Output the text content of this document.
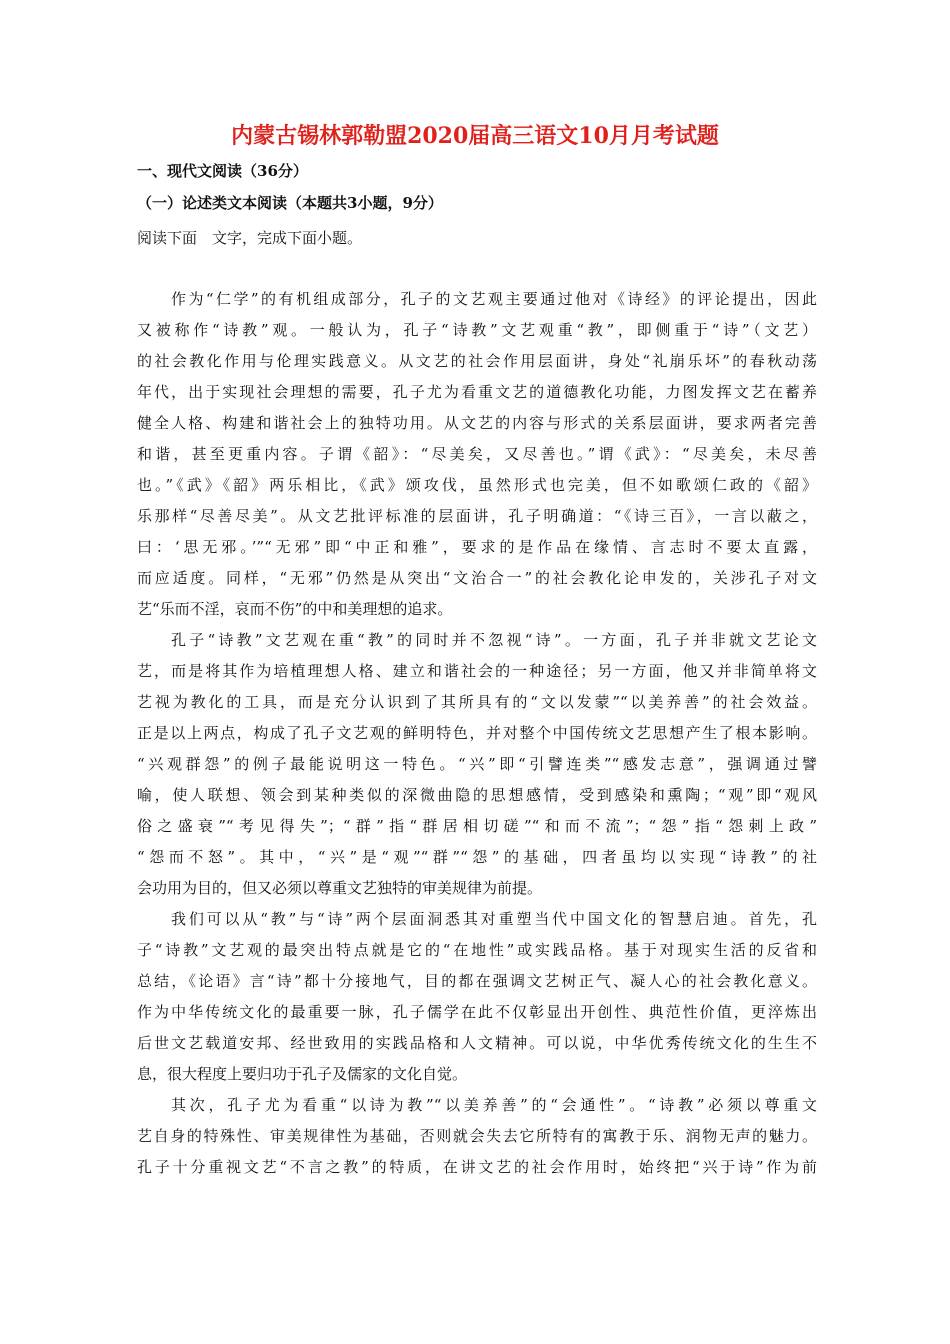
内蒙古锡林郭勒盟2020届高三语文10月月考试题
一、现代文阅读（36分）
（一）论述类文本阅读（本题共3小题，9分）
阅读下面　文字，完成下面小题。
作为“仁学”的有机组成部分，孔子的文艺观主要通过他对《诗经》的评论提出，因此
又被称作“诗教”观。一般认为，孔子“诗教”文艺观重“教”，即侧重于“诗”（文艺）
的社会教化作用与伦理实践意义。从文艺的社会作用层面讲，身处“礼崩乐坏”的春秋动荡
年代，出于实现社会理想的需要，孔子尤为看重文艺的道德教化功能，力图发挥文艺在蓄养
健全人格、构建和谐社会上的独特功用。从文艺的内容与形式的关系层面讲，要求两者完善
和谐，甚至更重内容。子谓《韶》：“尽美矣，又尽善也。”谓《武》：“尽美矣，未尽善
也。”《武》《韶》两乐相比，《武》颂攻伐，虽然形式也完美，但不如歌颂仁政的《韶》
乐那样“尽善尽美”。从文艺批评标准的层面讲，孔子明确道：“《诗三百》，一言以蔽之，
曰：‘思无邪。’”“无邪”即“中正和雅”，要求的是作品在缘情、言志时不要太直露，
而应适度。同样，“无邪”仍然是从突出“文治合一”的社会教化论申发的，关涉孔子对文
艺“乐而不淫，哀而不伤”的中和美理想的追求。
孔子“诗教”文艺观在重“教”的同时并不忽视“诗”。一方面，孔子并非就文艺论文
艺，而是将其作为培植理想人格、建立和谐社会的一种途径；另一方面，他又并非简单将文
艺视为教化的工具，而是充分认识到了其所具有的“文以发蒙”“以美养善”的社会效益。
正是以上两点，构成了孔子文艺观的鲜明特色，并对整个中国传统文艺思想产生了根本影响。
“兴观群怨”的例子最能说明这一特色。“兴”即“引譬连类”“感发志意”，强调通过譬
喻，使人联想、领会到某种类似的深微曲隐的思想感情，受到感染和熏陶；“观”即“观风
俗之盛衰”“考见得失”；“群”指“群居相切磋”“和而不流”；“怨”指“怨刺上政”
“怨而不怒”。其中，“兴”是“观”“群”“怨”的基础，四者虽均以实现“诗教”的社
会功用为目的，但又必须以尊重文艺独特的审美规律为前提。
我们可以从“教”与“诗”两个层面洞悉其对重塑当代中国文化的智慧启迪。首先，孔
子“诗教”文艺观的最突出特点就是它的“在地性”或实践品格。基于对现实生活的反省和
总结，《论语》言“诗”都十分接地气，目的都在强调文艺树正气、凝人心的社会教化意义。
作为中华传统文化的最重要一脉，孔子儒学在此不仅彰显出开创性、典范性价值，更淬炼出
后世文艺载道安邦、经世致用的实践品格和人文精神。可以说，中华优秀传统文化的生生不
息，很大程度上要归功于孔子及儒家的文化自觉。
其次，孔子尤为看重“以诗为教”“以美养善”的“会通性”。“诗教”必须以尊重文
艺自身的特殊性、审美规律性为基础，否则就会失去它所特有的寓教于乐、润物无声的魅力。
孔子十分重视文艺“不言之教”的特质，在讲文艺的社会作用时，始终把“兴于诗”作为前
